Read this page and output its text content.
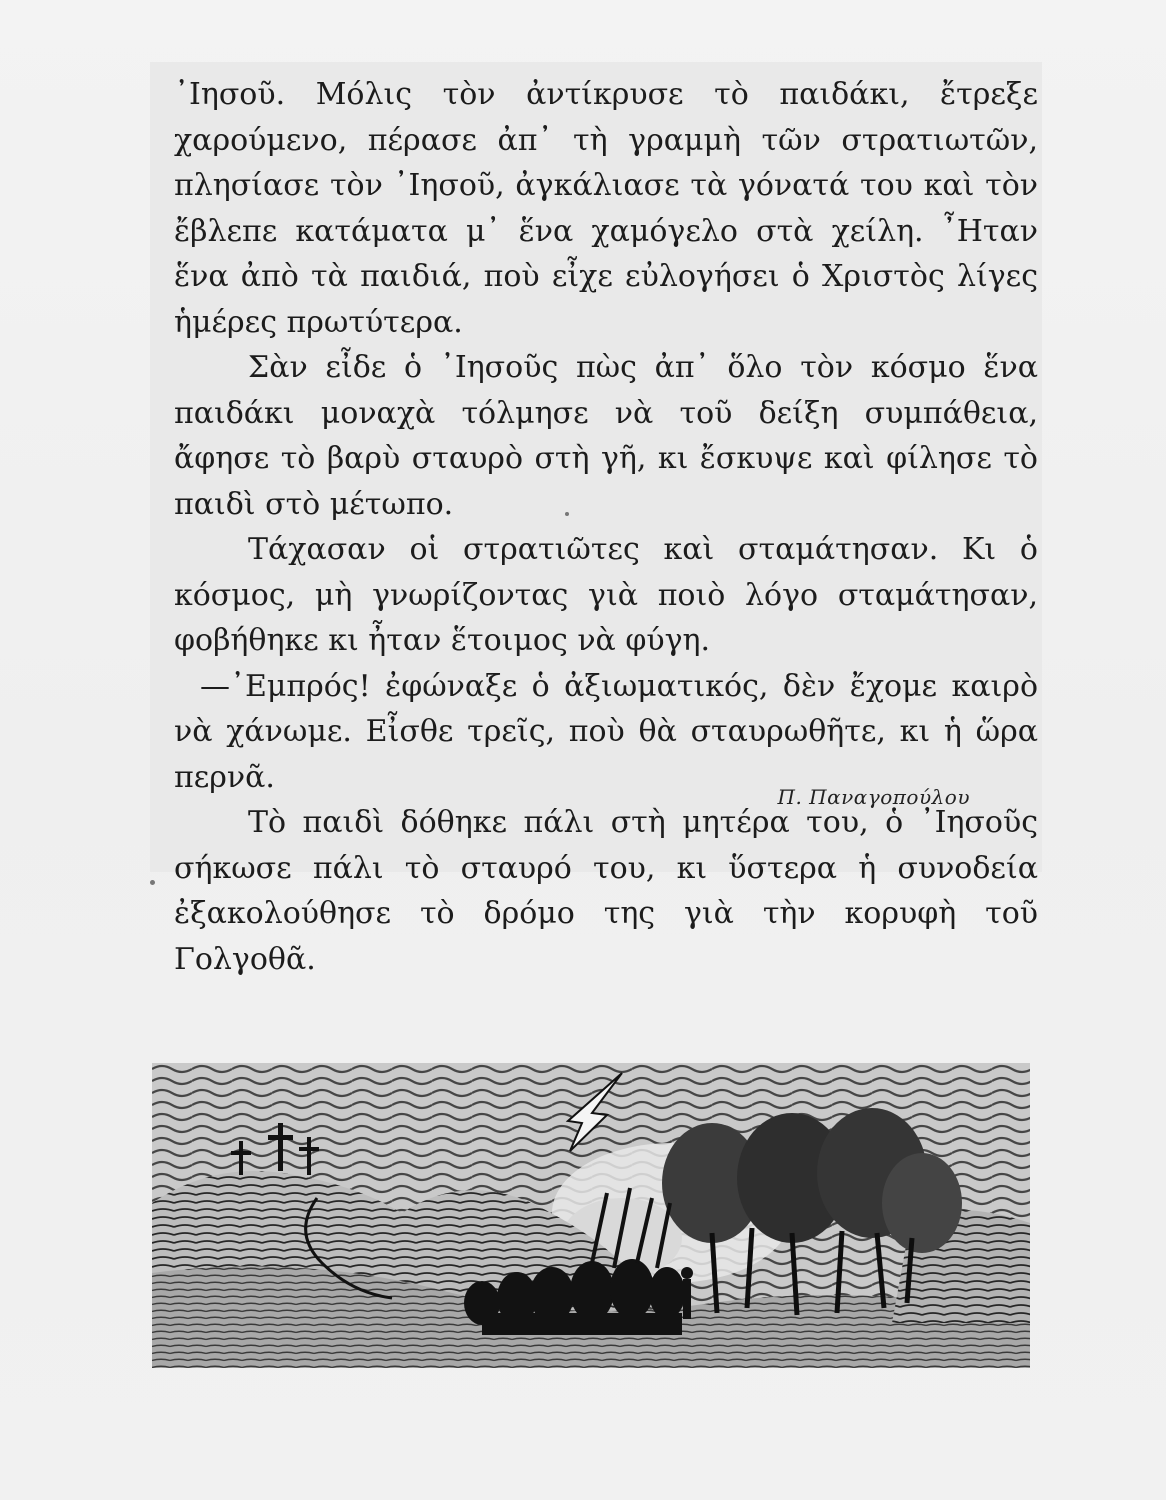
᾿Ιησοῦ. Μόλις τὸν ἀντίκρυσε τὸ παιδάκι, ἔτρεξε χαρούμενο, πέρασε ἀπ᾿ τὴ γραμμὴ τῶν στρατιωτῶν, πλησίασε τὸν ᾿Ιησοῦ, ἀγκάλιασε τὰ γόνατά του καὶ τὸν ἔβλεπε κατάματα μ᾿ ἕνα χαμόγελο στὰ χείλη. ῏Ηταν ἕνα ἀπὸ τὰ παιδιά, ποὺ εἶχε εὐλογήσει ὁ Χριστὸς λίγες ἡμέρες πρωτύτερα.

Σὰν εἶδε ὁ ᾿Ιησοῦς πὼς ἀπ᾿ ὅλο τὸν κόσμο ἕνα παιδάκι μοναχὰ τόλμησε νὰ τοῦ δείξη συμπάθεια, ἄφησε τὸ βαρὺ σταυρὸ στὴ γῆ, κι ἔσκυψε καὶ φίλησε τὸ παιδὶ στὸ μέτωπο.

Τάχασαν οἱ στρατιῶτες καὶ σταμάτησαν. Κι ὁ κόσμος, μὴ γνωρίζοντας γιὰ ποιὸ λόγο σταμάτησαν, φοβήθηκε κι ἦταν ἕτοιμος νὰ φύγη.

—᾿Εμπρός! ἐφώναξε ὁ ἀξιωματικός, δὲν ἔχομε καιρὸ νὰ χάνωμε. Εἶσθε τρεῖς, ποὺ θὰ σταυρωθῆτε, κι ἡ ὥρα περνᾶ.

Τὸ παιδὶ δόθηκε πάλι στὴ μητέρα του, ὁ ᾿Ιησοῦς σήκωσε πάλι τὸ σταυρό του, κι ὕστερα ἡ συνοδεία ἐξακολούθησε τὸ δρόμο της γιὰ τὴν κορυφὴ τοῦ Γολγοθᾶ.

Π. Παναγοπούλου
